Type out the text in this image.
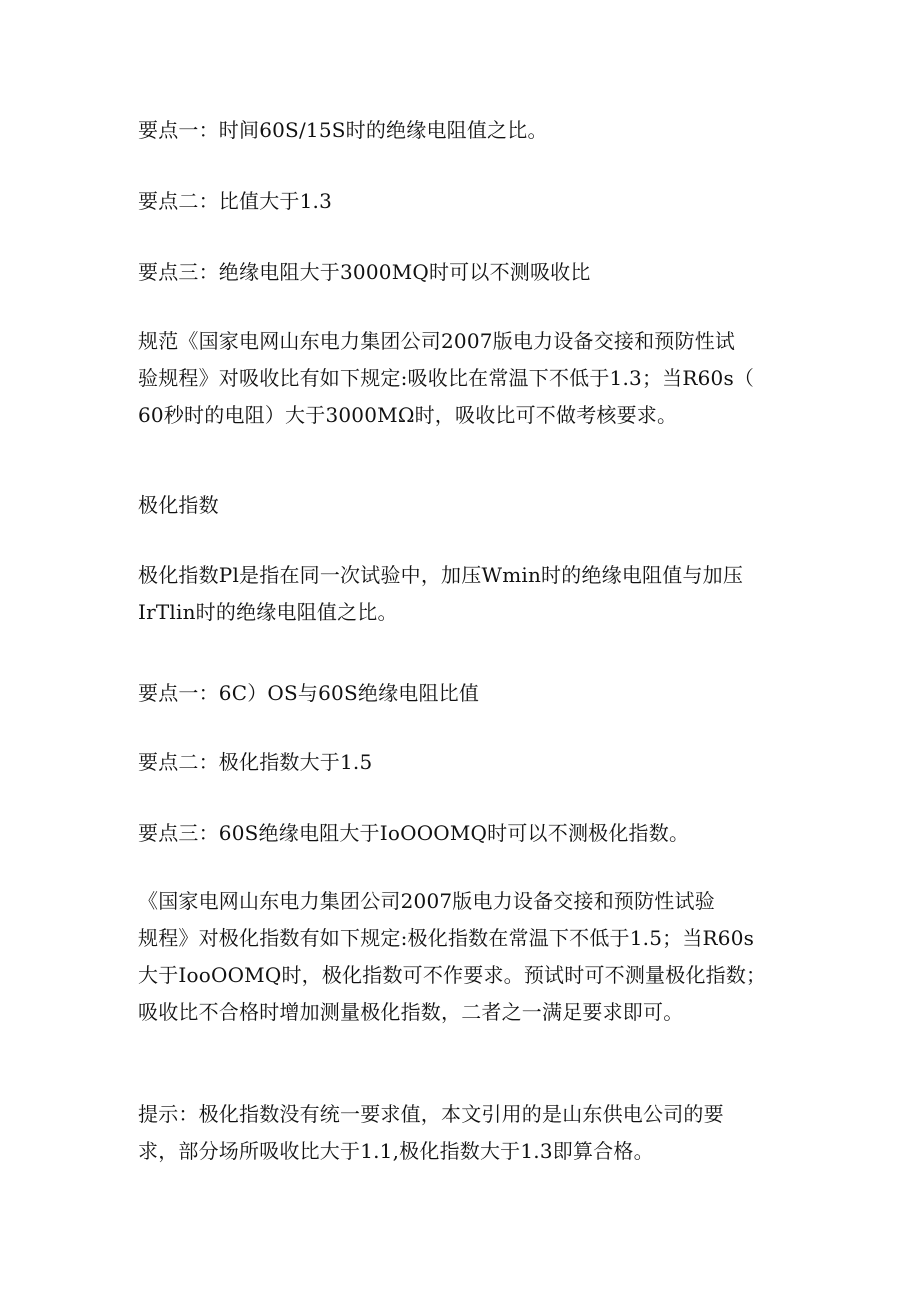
要点一：时间60S/15S时的绝缘电阻值之比。

要点二：比值大于1.3

要点三：绝缘电阻大于3000MQ时可以不测吸收比

规范《国家电网山东电力集团公司2007版电力设备交接和预防性试
验规程》对吸收比有如下规定:吸收比在常温下不低于1.3；当R60s（
60秒时的电阻）大于3000MΩ时，吸收比可不做考核要求。

极化指数

极化指数Pl是指在同一次试验中，加压Wmin时的绝缘电阻值与加压
IrTlin时的绝缘电阻值之比。

要点一：6C）OS与60S绝缘电阻比值

要点二：极化指数大于1.5

要点三：60S绝缘电阻大于IoOOOMQ时可以不测极化指数。

《国家电网山东电力集团公司2007版电力设备交接和预防性试验
规程》对极化指数有如下规定:极化指数在常温下不低于1.5；当R60s
大于IooOOMQ时，极化指数可不作要求。预试时可不测量极化指数；
吸收比不合格时增加测量极化指数，二者之一满足要求即可。

提示：极化指数没有统一要求值，本文引用的是山东供电公司的要
求，部分场所吸收比大于1.1,极化指数大于1.3即算合格。
